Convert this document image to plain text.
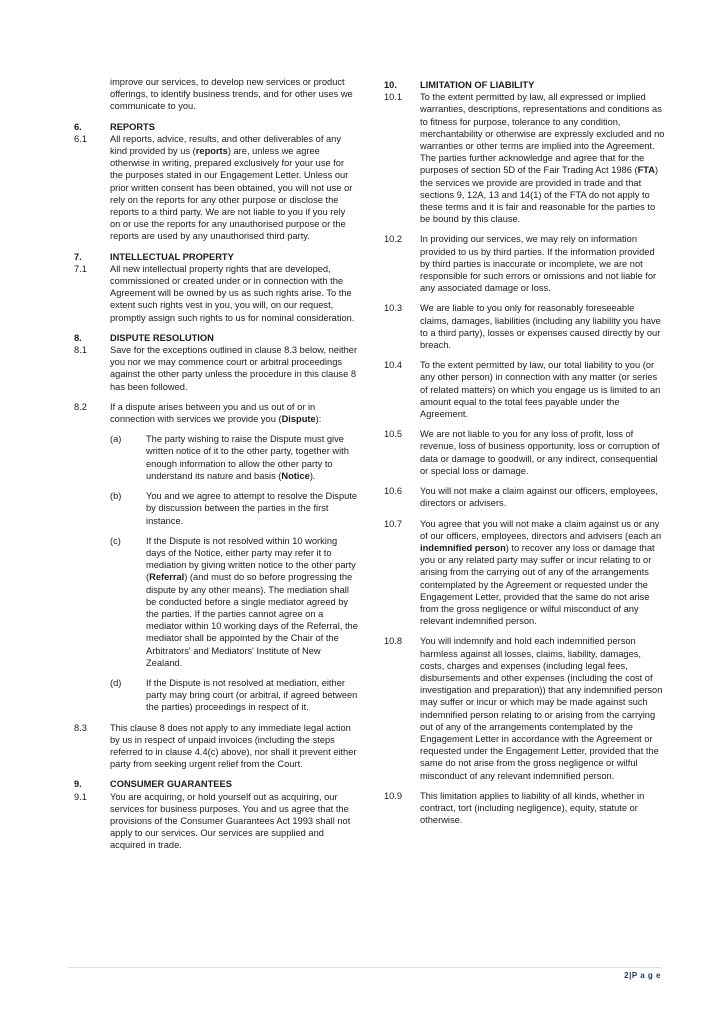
improve our services, to develop new services or product offerings, to identify business trends, and for other uses we communicate to you.
6.	REPORTS
6.1	All reports, advice, results, and other deliverables of any kind provided by us (reports) are, unless we agree otherwise in writing, prepared exclusively for your use for the purposes stated in our Engagement Letter. Unless our prior written consent has been obtained, you will not use or rely on the reports for any other purpose or disclose the reports to a third party. We are not liable to you if you rely on or use the reports for any unauthorised purpose or the reports are used by any unauthorised third party.
7.	INTELLECTUAL PROPERTY
7.1	All new intellectual property rights that are developed, commissioned or created under or in connection with the Agreement will be owned by us as such rights arise. To the extent such rights vest in you, you will, on our request, promptly assign such rights to us for nominal consideration.
8.	DISPUTE RESOLUTION
8.1	Save for the exceptions outlined in clause 8.3 below, neither you nor we may commence court or arbitral proceedings against the other party unless the procedure in this clause 8 has been followed.
8.2	If a dispute arises between you and us out of or in connection with services we provide you (Dispute):
(a)	The party wishing to raise the Dispute must give written notice of it to the other party, together with enough information to allow the other party to understand its nature and basis (Notice).
(b)	You and we agree to attempt to resolve the Dispute by discussion between the parties in the first instance.
(c)	If the Dispute is not resolved within 10 working days of the Notice, either party may refer it to mediation by giving written notice to the other party (Referral) (and must do so before progressing the dispute by any other means). The mediation shall be conducted before a single mediator agreed by the parties. If the parties cannot agree on a mediator within 10 working days of the Referral, the mediator shall be appointed by the Chair of the Arbitrators' and Mediators' Institute of New Zealand.
(d)	If the Dispute is not resolved at mediation, either party may bring court (or arbitral, if agreed between the parties) proceedings in respect of it.
8.3	This clause 8 does not apply to any immediate legal action by us in respect of unpaid invoices (including the steps referred to in clause 4.4(c) above), nor shall it prevent either party from seeking urgent relief from the Court.
9.	CONSUMER GUARANTEES
9.1	You are acquiring, or hold yourself out as acquiring, our services for business purposes. You and us agree that the provisions of the Consumer Guarantees Act 1993 shall not apply to our services. Our services are supplied and acquired in trade.
10.	LIMITATION OF LIABILITY
10.1	To the extent permitted by law, all expressed or implied warranties, descriptions, representations and conditions as to fitness for purpose, tolerance to any condition, merchantability or otherwise are expressly excluded and no warranties or other terms are implied into the Agreement. The parties further acknowledge and agree that for the purposes of section 5D of the Fair Trading Act 1986 (FTA) the services we provide are provided in trade and that sections 9, 12A, 13 and 14(1) of the FTA do not apply to these terms and it is fair and reasonable for the parties to be bound by this clause.
10.2	In providing our services, we may rely on information provided to us by third parties. If the information provided by third parties is inaccurate or incomplete, we are not responsible for such errors or omissions and not liable for any associated damage or loss.
10.3	We are liable to you only for reasonably foreseeable claims, damages, liabilities (including any liability you have to a third party), losses or expenses caused directly by our breach.
10.4	To the extent permitted by law, our total liability to you (or any other person) in connection with any matter (or series of related matters) on which you engage us is limited to an amount equal to the total fees payable under the Agreement.
10.5	We are not liable to you for any loss of profit, loss of revenue, loss of business opportunity, loss or corruption of data or damage to goodwill, or any indirect, consequential or special loss or damage.
10.6	You will not make a claim against our officers, employees, directors or advisers.
10.7	You agree that you will not make a claim against us or any of our officers, employees, directors and advisers (each an indemnified person) to recover any loss or damage that you or any related party may suffer or incur relating to or arising from the carrying out of any of the arrangements contemplated by the Agreement or requested under the Engagement Letter, provided that the same do not arise from the gross negligence or wilful misconduct of any relevant indemnified person.
10.8	You will indemnify and hold each indemnified person harmless against all losses, claims, liability, damages, costs, charges and expenses (including legal fees, disbursements and other expenses (including the cost of investigation and preparation)) that any indemnified person may suffer or incur or which may be made against such indemnified person relating to or arising from the carrying out of any of the arrangements contemplated by the Engagement Letter in accordance with the Agreement or requested under the Engagement Letter, provided that the same do not arise from the gross negligence or wilful misconduct of any relevant indemnified person.
10.9	This limitation applies to liability of all kinds, whether in contract, tort (including negligence), equity, statute or otherwise.
2|P a g e
